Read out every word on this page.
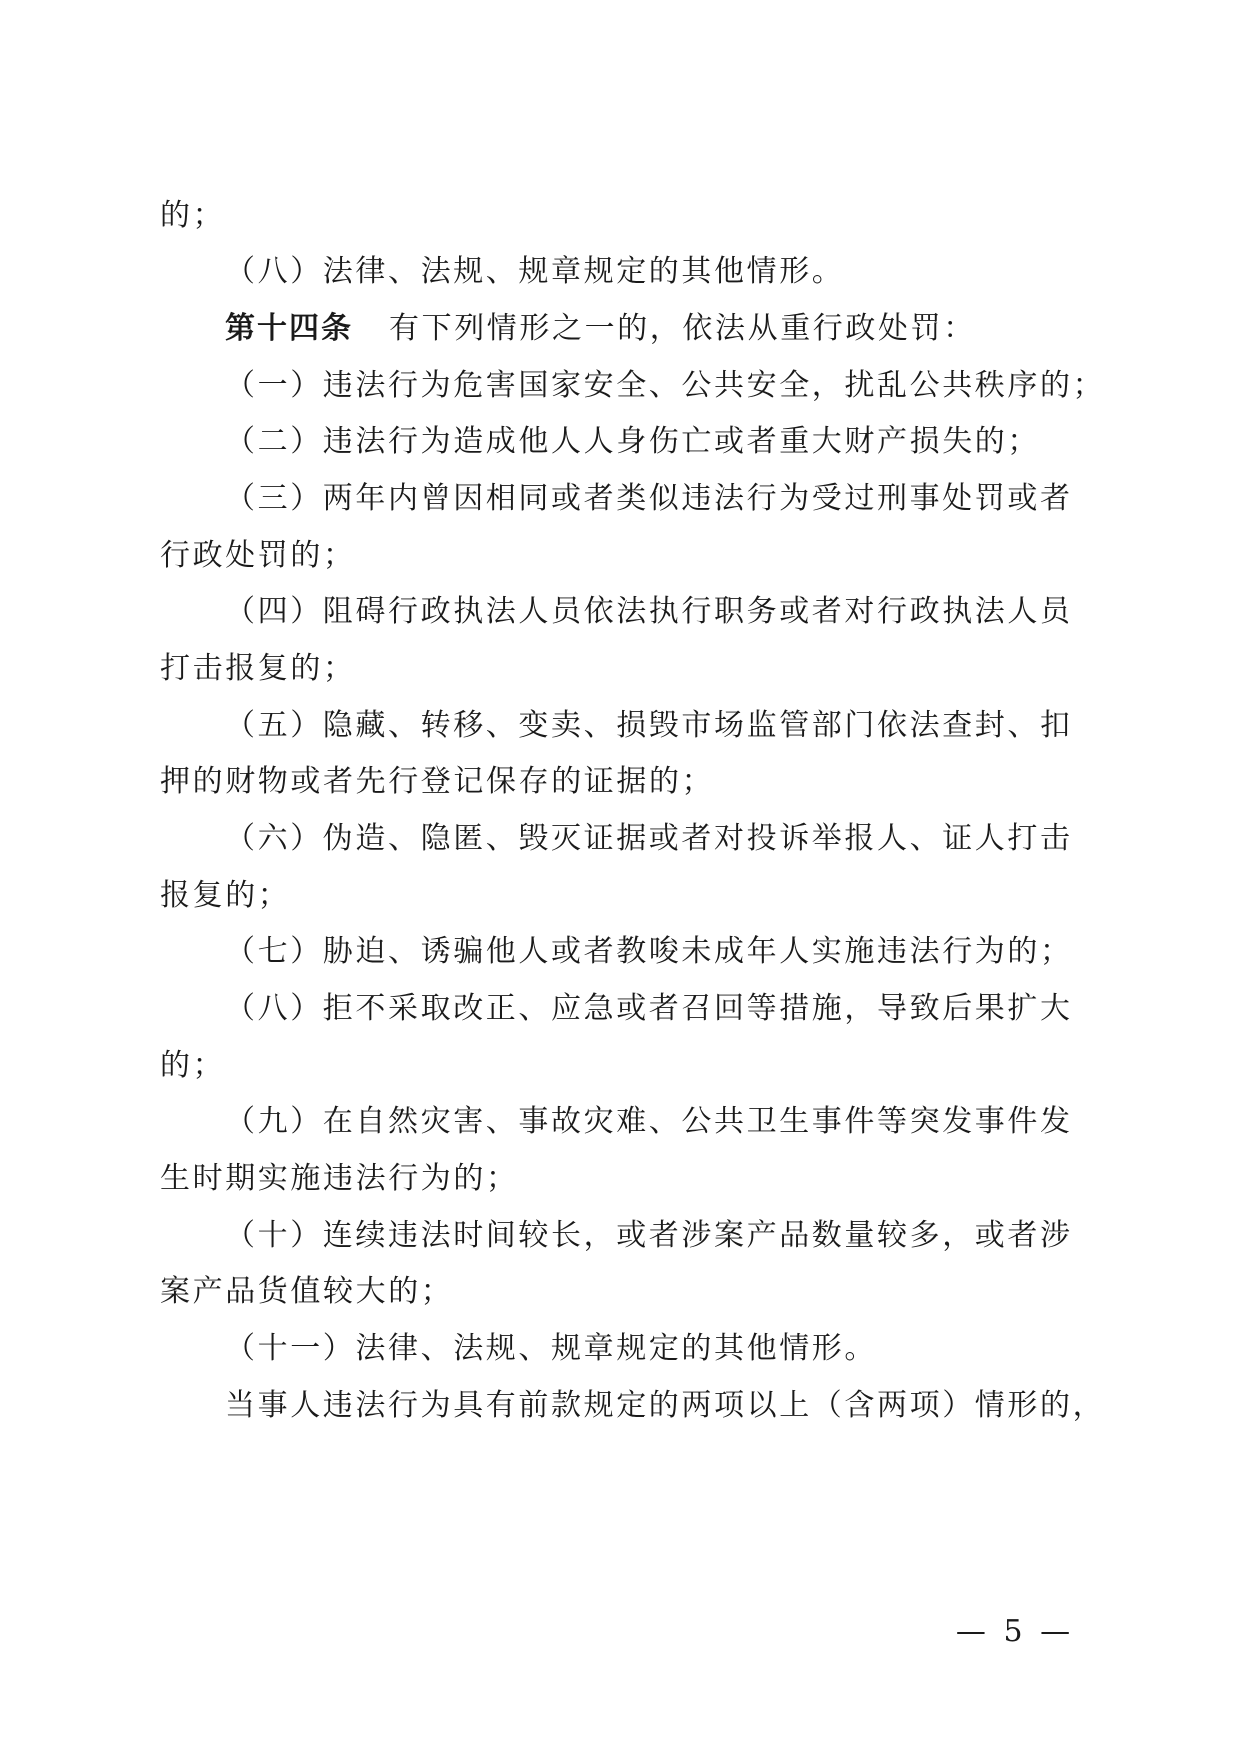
的；
（八）法律、法规、规章规定的其他情形。
第十四条 有下列情形之一的，依法从重行政处罚：
（一）违法行为危害国家安全、公共安全，扰乱公共秩序的；
（二）违法行为造成他人人身伤亡或者重大财产损失的；
（三）两年内曾因相同或者类似违法行为受过刑事处罚或者
行政处罚的；
（四）阻碍行政执法人员依法执行职务或者对行政执法人员
打击报复的；
（五）隐藏、转移、变卖、损毁市场监管部门依法查封、扣
押的财物或者先行登记保存的证据的；
（六）伪造、隐匿、毁灭证据或者对投诉举报人、证人打击
报复的；
（七）胁迫、诱骗他人或者教唆未成年人实施违法行为的；
（八）拒不采取改正、应急或者召回等措施，导致后果扩大
的；
（九）在自然灾害、事故灾难、公共卫生事件等突发事件发
生时期实施违法行为的；
（十）连续违法时间较长，或者涉案产品数量较多，或者涉
案产品货值较大的；
（十一）法律、法规、规章规定的其他情形。
当事人违法行为具有前款规定的两项以上（含两项）情形的，
— 5 —
